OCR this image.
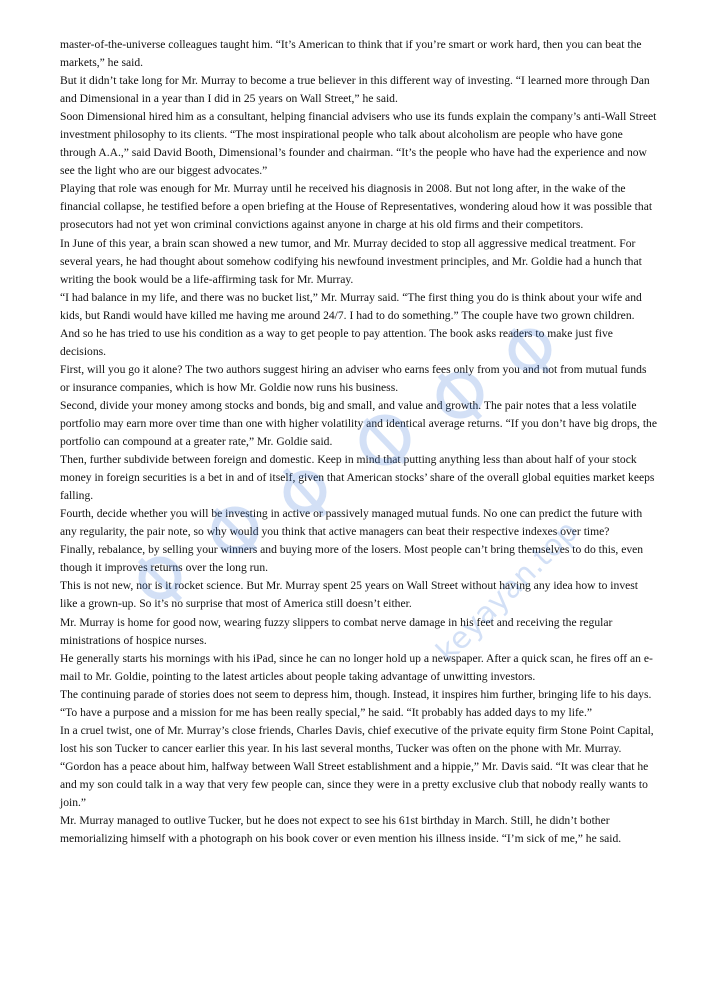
master-of-the-universe colleagues taught him. “It’s American to think that if you’re smart or work hard, then you can beat the markets,” he said.

But it didn’t take long for Mr. Murray to become a true believer in this different way of investing. “I learned more through Dan and Dimensional in a year than I did in 25 years on Wall Street,” he said.

Soon Dimensional hired him as a consultant, helping financial advisers who use its funds explain the company’s anti-Wall Street investment philosophy to its clients. “The most inspirational people who talk about alcoholism are people who have gone through A.A.,” said David Booth, Dimensional’s founder and chairman. “It’s the people who have had the experience and now see the light who are our biggest advocates.”

Playing that role was enough for Mr. Murray until he received his diagnosis in 2008. But not long after, in the wake of the financial collapse, he testified before a open briefing at the House of Representatives, wondering aloud how it was possible that prosecutors had not yet won criminal convictions against anyone in charge at his old firms and their competitors.

In June of this year, a brain scan showed a new tumor, and Mr. Murray decided to stop all aggressive medical treatment. For several years, he had thought about somehow codifying his newfound investment principles, and Mr. Goldie had a hunch that writing the book would be a life-affirming task for Mr. Murray.

“I had balance in my life, and there was no bucket list,” Mr. Murray said. “The first thing you do is think about your wife and kids, but Randi would have killed me having me around 24/7. I had to do something.” The couple have two grown children.

And so he has tried to use his condition as a way to get people to pay attention. The book asks readers to make just five decisions.

First, will you go it alone? The two authors suggest hiring an adviser who earns fees only from you and not from mutual funds or insurance companies, which is how Mr. Goldie now runs his business.

Second, divide your money among stocks and bonds, big and small, and value and growth. The pair notes that a less volatile portfolio may earn more over time than one with higher volatility and identical average returns. “If you don’t have big drops, the portfolio can compound at a greater rate,” Mr. Goldie said.

Then, further subdivide between foreign and domestic. Keep in mind that putting anything less than about half of your stock money in foreign securities is a bet in and of itself, given that American stocks’ share of the overall global equities market keeps falling.

Fourth, decide whether you will be investing in active or passively managed mutual funds. No one can predict the future with any regularity, the pair note, so why would you think that active managers can beat their respective indexes over time?

Finally, rebalance, by selling your winners and buying more of the losers. Most people can’t bring themselves to do this, even though it improves returns over the long run.

This is not new, nor is it rocket science. But Mr. Murray spent 25 years on Wall Street without having any idea how to invest like a grown-up. So it’s no surprise that most of America still doesn’t either.

Mr. Murray is home for good now, wearing fuzzy slippers to combat nerve damage in his feet and receiving the regular ministrations of hospice nurses.

He generally starts his mornings with his iPad, since he can no longer hold up a newspaper. After a quick scan, he fires off an e-mail to Mr. Goldie, pointing to the latest articles about people taking advantage of unwitting investors.

The continuing parade of stories does not seem to depress him, though. Instead, it inspires him further, bringing life to his days. “To have a purpose and a mission for me has been really special,” he said. “It probably has added days to my life.”

In a cruel twist, one of Mr. Murray’s close friends, Charles Davis, chief executive of the private equity firm Stone Point Capital, lost his son Tucker to cancer earlier this year. In his last several months, Tucker was often on the phone with Mr. Murray.

“Gordon has a peace about him, halfway between Wall Street establishment and a hippie,” Mr. Davis said. “It was clear that he and my son could talk in a way that very few people can, since they were in a pretty exclusive club that nobody really wants to join.”

Mr. Murray managed to outlive Tucker, but he does not expect to see his 61st birthday in March. Still, he didn’t bother memorializing himself with a photograph on his book cover or even mention his illness inside. “I’m sick of me,” he said.

keyayan.top
